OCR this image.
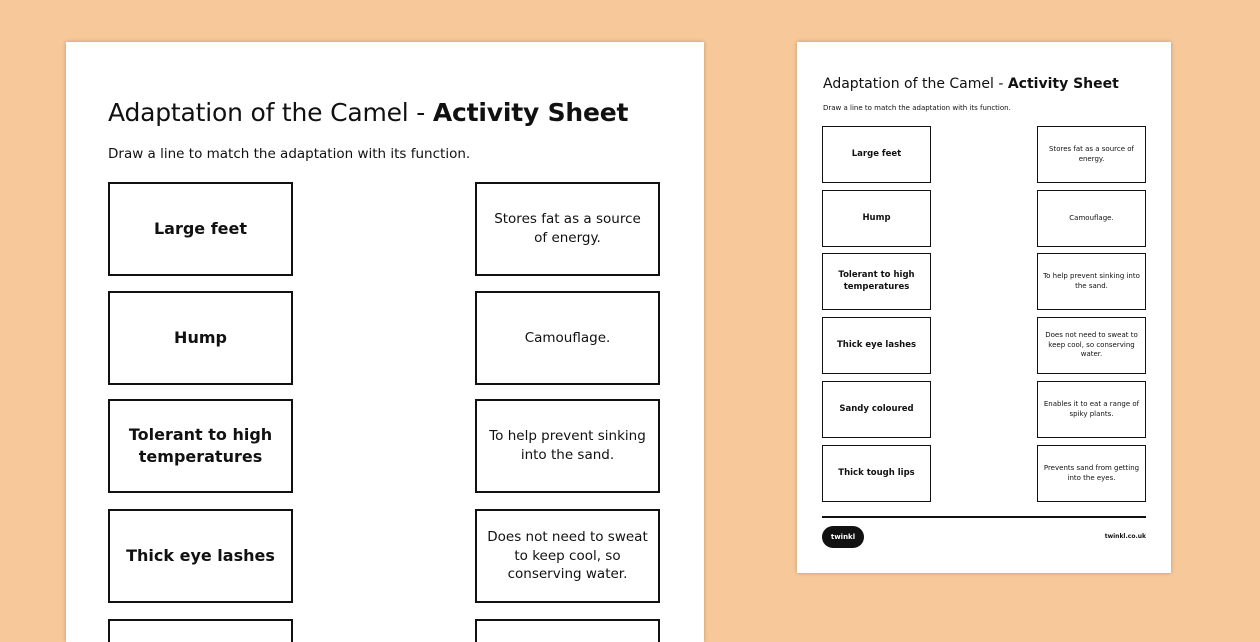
Adaptation of the Camel - Activity Sheet
Draw a line to match the adaptation with its function.
Large feet
Hump
Tolerant to high temperatures
Thick eye lashes
Stores fat as a source of energy.
Camouflage.
To help prevent sinking into the sand.
Does not need to sweat to keep cool, so conserving water.
Adaptation of the Camel - Activity Sheet
Draw a line to match the adaptation with its function.
Large feet
Hump
Tolerant to high temperatures
Thick eye lashes
Sandy coloured
Thick tough lips
Stores fat as a source of energy.
Camouflage.
To help prevent sinking into the sand.
Does not need to sweat to keep cool, so conserving water.
Enables it to eat a range of spiky plants.
Prevents sand from getting into the eyes.
twinkl	twinkl.co.uk
